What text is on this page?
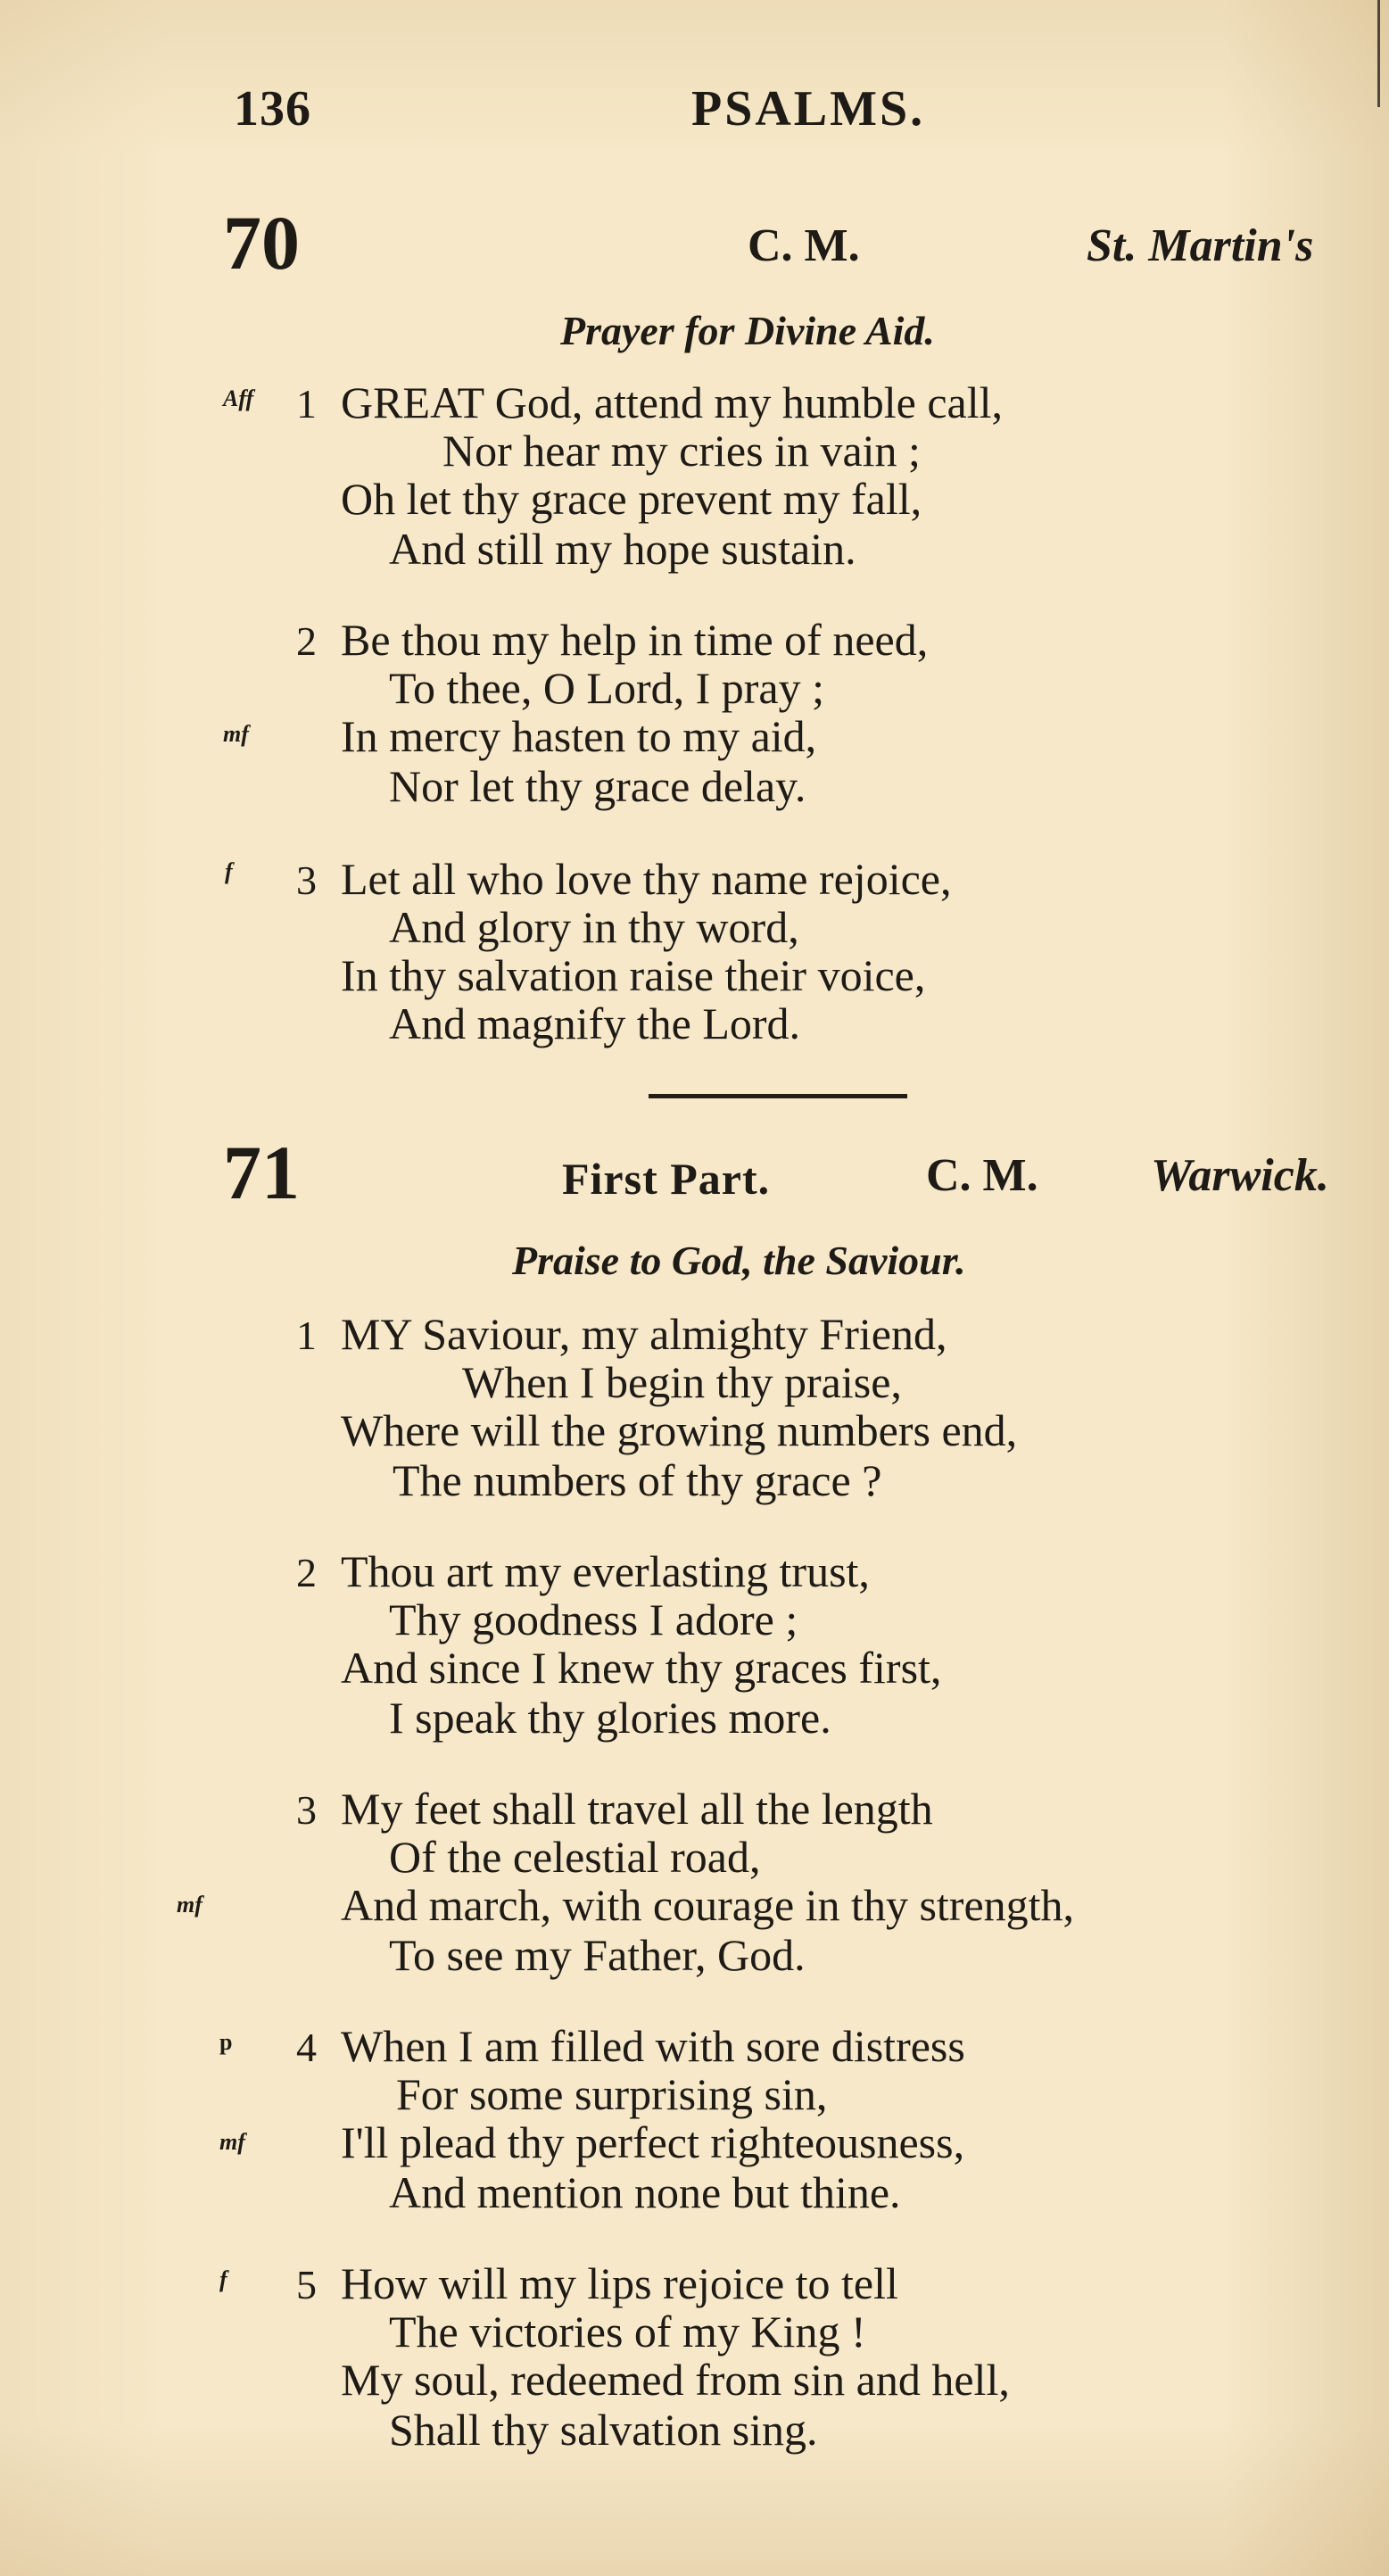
136	PSALMS.
70	C. M.	St. Martin's
Prayer for Divine Aid.
Aff 1 GREAT God, attend my humble call,
Nor hear my cries in vain ;
Oh let thy grace prevent my fall,
And still my hope sustain.
2 Be thou my help in time of need,
To thee, O Lord, I pray ;
mf In mercy hasten to my aid,
Nor let thy grace delay.
f 3 Let all who love thy name rejoice,
And glory in thy word,
In thy salvation raise their voice,
And magnify the Lord.
71	First Part.	C. M. Warwick.
Praise to God, the Saviour.
1 MY Saviour, my almighty Friend,
When I begin thy praise,
Where will the growing numbers end,
The numbers of thy grace ?
2 Thou art my everlasting trust,
Thy goodness I adore ;
And since I knew thy graces first,
I speak thy glories more.
3 My feet shall travel all the length
Of the celestial road,
mf	And march, with courage in thy strength,
To see my Father, God.
p 4 When I am filled with sore distress
For some surprising sin,
mf I'll plead thy perfect righteousness,
And mention none but thine.
f 5 How will my lips rejoice to tell
The victories of my King !
My soul, redeemed from sin and hell,
Shall thy salvation sing.
